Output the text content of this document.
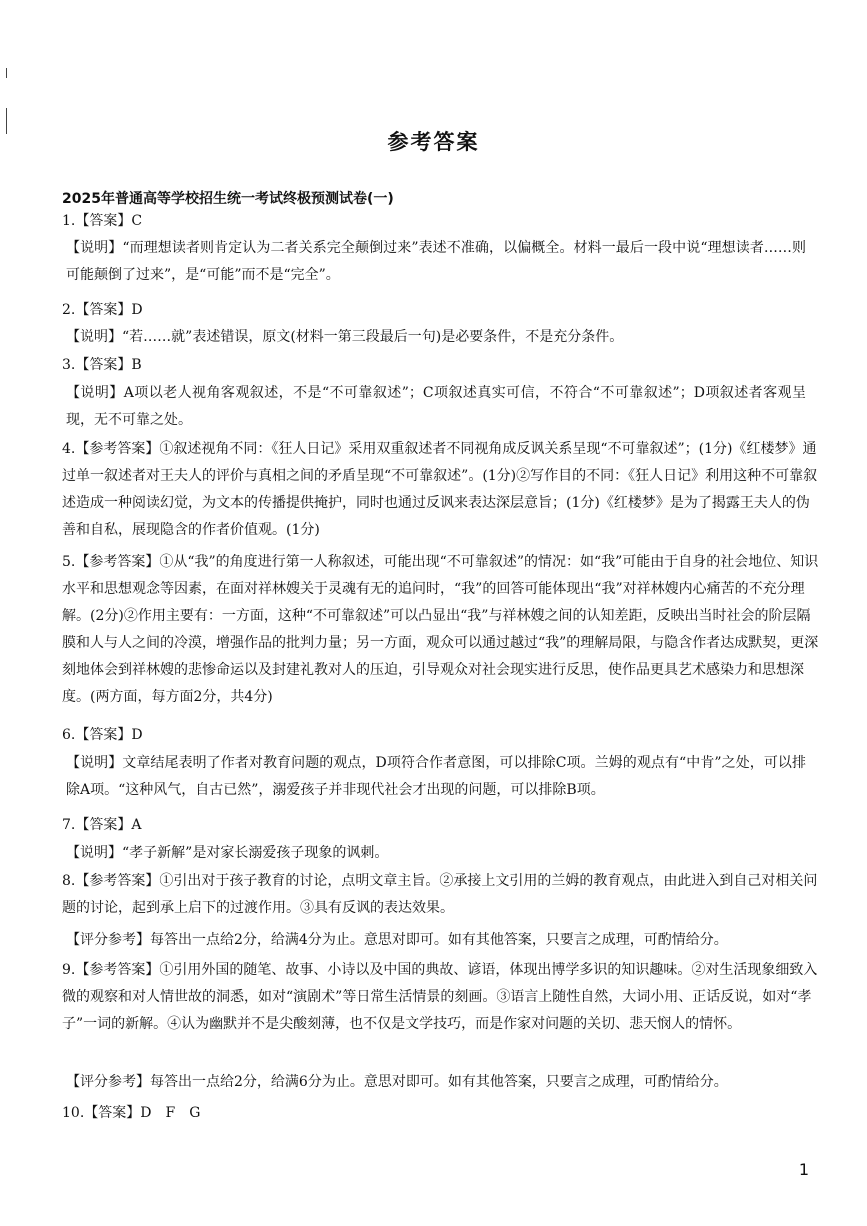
参考答案
2025年普通高等学校招生统一考试终极预测试卷(一)
1.【答案】C
【说明】“而理想读者则肯定认为二者关系完全颠倒过来”表述不准确，以偏概全。材料一最后一段中说“理想读者……则可能颠倒了过来”，是“可能”而不是“完全”。
2.【答案】D
【说明】“若……就”表述错误，原文(材料一第三段最后一句)是必要条件，不是充分条件。
3.【答案】B
【说明】A项以老人视角客观叙述，不是“不可靠叙述”；C项叙述真实可信，不符合“不可靠叙述”；D项叙述者客观呈现，无不可靠之处。
4.【参考答案】①叙述视角不同：《狂人日记》采用双重叙述者不同视角成反讽关系呈现“不可靠叙述”；(1分)《红楼梦》通过单一叙述者对王夫人的评价与真相之间的矛盾呈现“不可靠叙述”。(1分)②写作目的不同：《狂人日记》利用这种不可靠叙述造成一种阅读幻觉，为文本的传播提供掩护，同时也通过反讽来表达深层意旨；(1分)《红楼梦》是为了揭露王夫人的伪善和自私，展现隐含的作者价值观。(1分)
5.【参考答案】①从“我”的角度进行第一人称叙述，可能出现“不可靠叙述”的情况：如“我”可能由于自身的社会地位、知识水平和思想观念等因素，在面对祥林嫂关于灵魂有无的追问时，“我”的回答可能体现出“我”对祥林嫂内心痛苦的不充分理解。(2分)②作用主要有：一方面，这种“不可靠叙述”可以凸显出“我”与祥林嫂之间的认知差距，反映出当时社会的阶层隔膜和人与人之间的冷漠，增强作品的批判力量；另一方面，观众可以通过越过“我”的理解局限，与隐含作者达成默契，更深刻地体会到祥林嫂的悲惨命运以及封建礼教对人的压迫，引导观众对社会现实进行反思，使作品更具艺术感染力和思想深度。(两方面，每方面2分，共4分)
6.【答案】D
【说明】文章结尾表明了作者对教育问题的观点，D项符合作者意图，可以排除C项。兰姆的观点有“中肯”之处，可以排除A项。“这种风气，自古已然”，溺爱孩子并非现代社会才出现的问题，可以排除B项。
7.【答案】A
【说明】“孝子新解”是对家长溺爱孩子现象的讽刺。
8.【参考答案】①引出对于孩子教育的讨论，点明文章主旨。②承接上文引用的兰姆的教育观点，由此进入到自己对相关问题的讨论，起到承上启下的过渡作用。③具有反讽的表达效果。
【评分参考】每答出一点给2分，给满4分为止。意思对即可。如有其他答案，只要言之成理，可酌情给分。
9.【参考答案】①引用外国的随笔、故事、小诗以及中国的典故、谚语，体现出博学多识的知识趣味。②对生活现象细致入微的观察和对人情世故的洞悉，如对“演剧术”等日常生活情景的刻画。③语言上随性自然，大词小用、正话反说，如对“孝子”一词的新解。④认为幽默并不是尖酸刻薄，也不仅是文学技巧，而是作家对问题的关切、悲天悯人的情怀。
【评分参考】每答出一点给2分，给满6分为止。意思对即可。如有其他答案，只要言之成理，可酌情给分。
10.【答案】D　F　G
1
